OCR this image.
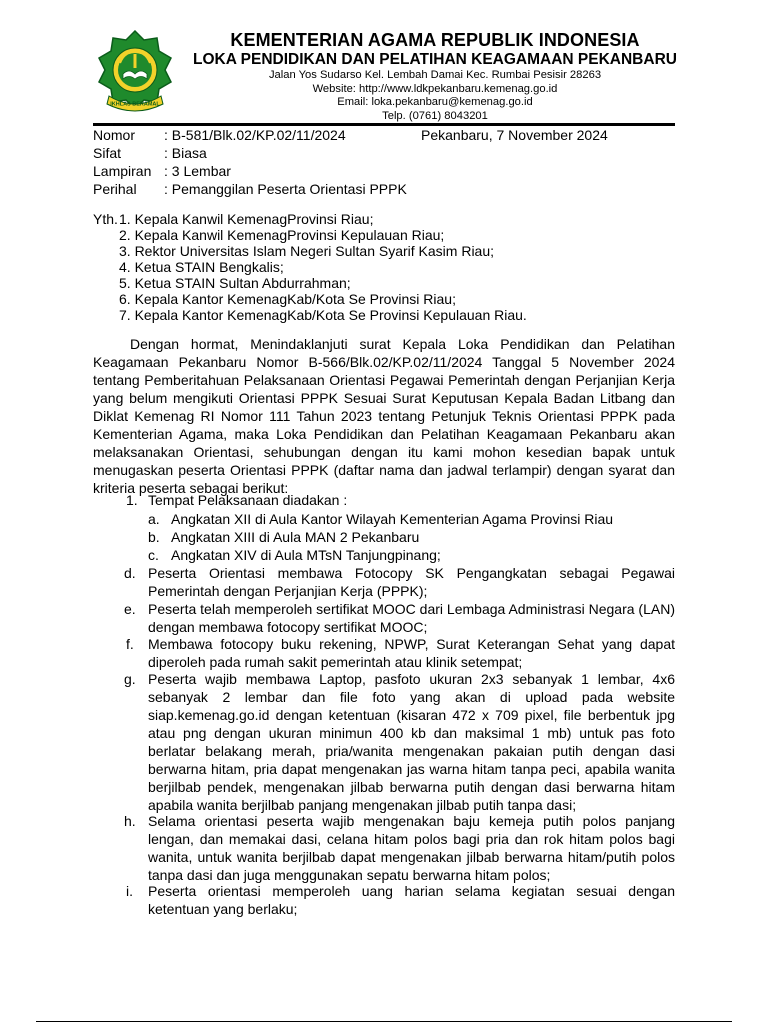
IKHLAS BERAMAL
KEMENTERIAN AGAMA REPUBLIK INDONESIA
LOKA PENDIDIKAN DAN PELATIHAN KEAGAMAAN PEKANBARU
Jalan Yos Sudarso Kel. Lembah Damai Kec. Rumbai Pesisir 28263
Website: http://www.ldkpekanbaru.kemenag.go.id
Email: loka.pekanbaru@kemenag.go.id
Telp. (0761) 8043201
Nomor : B-581/Blk.02/KP.02/11/2024	Pekanbaru, 7 November 2024
Sifat	: Biasa
Lampiran : 3 Lembar
Perihal : Pemanggilan Peserta Orientasi PPPK
Yth. 1. Kepala Kanwil KemenagProvinsi Riau;
2. Kepala Kanwil KemenagProvinsi Kepulauan Riau;
3. Rektor Universitas Islam Negeri Sultan Syarif Kasim Riau;
4. Ketua STAIN Bengkalis;
5. Ketua STAIN Sultan Abdurrahman;
6. Kepala Kantor KemenagKab/Kota Se Provinsi Riau;
7. Kepala Kantor KemenagKab/Kota Se Provinsi Kepulauan Riau.
Dengan hormat, Menindaklanjuti surat Kepala Loka Pendidikan dan Pelatihan Keagamaan Pekanbaru Nomor B-566/Blk.02/KP.02/11/2024 Tanggal 5 November 2024 tentang Pemberitahuan Pelaksanaan Orientasi Pegawai Pemerintah dengan Perjanjian Kerja yang belum mengikuti Orientasi PPPK Sesuai Surat Keputusan Kepala Badan Litbang dan Diklat Kemenag RI Nomor 111 Tahun 2023 tentang Petunjuk Teknis Orientasi PPPK pada Kementerian Agama, maka Loka Pendidikan dan Pelatihan Keagamaan Pekanbaru akan melaksanakan Orientasi, sehubungan dengan itu kami mohon kesedian bapak untuk menugaskan peserta Orientasi PPPK (daftar nama dan jadwal terlampir) dengan syarat dan kriteria peserta sebagai berikut:
1. Tempat Pelaksanaan diadakan :
a. Angkatan XII di Aula Kantor Wilayah Kementerian Agama Provinsi Riau
b. Angkatan XIII di Aula MAN 2 Pekanbaru
c. Angkatan XIV di Aula MTsN Tanjungpinang;
d. Peserta Orientasi membawa Fotocopy SK Pengangkatan sebagai Pegawai Pemerintah dengan Perjanjian Kerja (PPPK);
e. Peserta telah memperoleh sertifikat MOOC dari Lembaga Administrasi Negara (LAN) dengan membawa fotocopy sertifikat MOOC;
f. Membawa fotocopy buku rekening, NPWP, Surat Keterangan Sehat yang dapat diperoleh pada rumah sakit pemerintah atau klinik setempat;
g. Peserta wajib membawa Laptop, pasfoto ukuran 2x3 sebanyak 1 lembar, 4x6 sebanyak 2 lembar dan file foto yang akan di upload pada website siap.kemenag.go.id dengan ketentuan (kisaran 472 x 709 pixel, file berbentuk jpg atau png dengan ukuran minimun 400 kb dan maksimal 1 mb) untuk pas foto berlatar belakang merah, pria/wanita mengenakan pakaian putih dengan dasi berwarna hitam, pria dapat mengenakan jas warna hitam tanpa peci, apabila wanita berjilbab pendek, mengenakan jilbab berwarna putih dengan dasi berwarna hitam apabila wanita berjilbab panjang mengenakan jilbab putih tanpa dasi;
h. Selama orientasi peserta wajib mengenakan baju kemeja putih polos panjang lengan, dan memakai dasi, celana hitam polos bagi pria dan rok hitam polos bagi wanita, untuk wanita berjilbab dapat mengenakan jilbab berwarna hitam/putih polos tanpa dasi dan juga menggunakan sepatu berwarna hitam polos;
i. Peserta orientasi memperoleh uang harian selama kegiatan sesuai dengan ketentuan yang berlaku;
